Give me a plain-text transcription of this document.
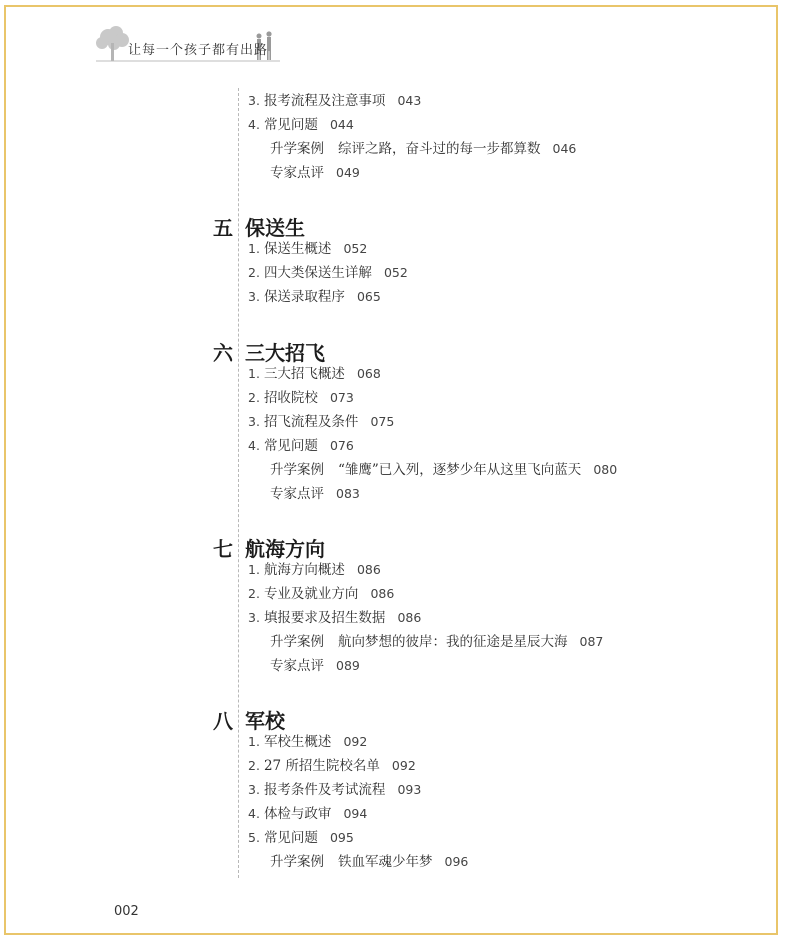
让每一个孩子都有出路
3. 报考流程及注意事项 043
4. 常见问题 044
升学案例 综评之路，奋斗过的每一步都算数 046
专家点评 049
五 保送生
1. 保送生概述 052
2. 四大类保送生详解 052
3. 保送录取程序 065
六 三大招飞
1. 三大招飞概述 068
2. 招收院校 073
3. 招飞流程及条件 075
4. 常见问题 076
升学案例 “雏鹰”已入列，逐梦少年从这里飞向蓝天 080
专家点评 083
七 航海方向
1. 航海方向概述 086
2. 专业及就业方向 086
3. 填报要求及招生数据 086
升学案例 航向梦想的彼岸：我的征途是星辰大海 087
专家点评 089
八 军校
1. 军校生概述 092
2. 27 所招生院校名单 092
3. 报考条件及考试流程 093
4. 体检与政审 094
5. 常见问题 095
升学案例 铁血军魂少年梦 096
002
